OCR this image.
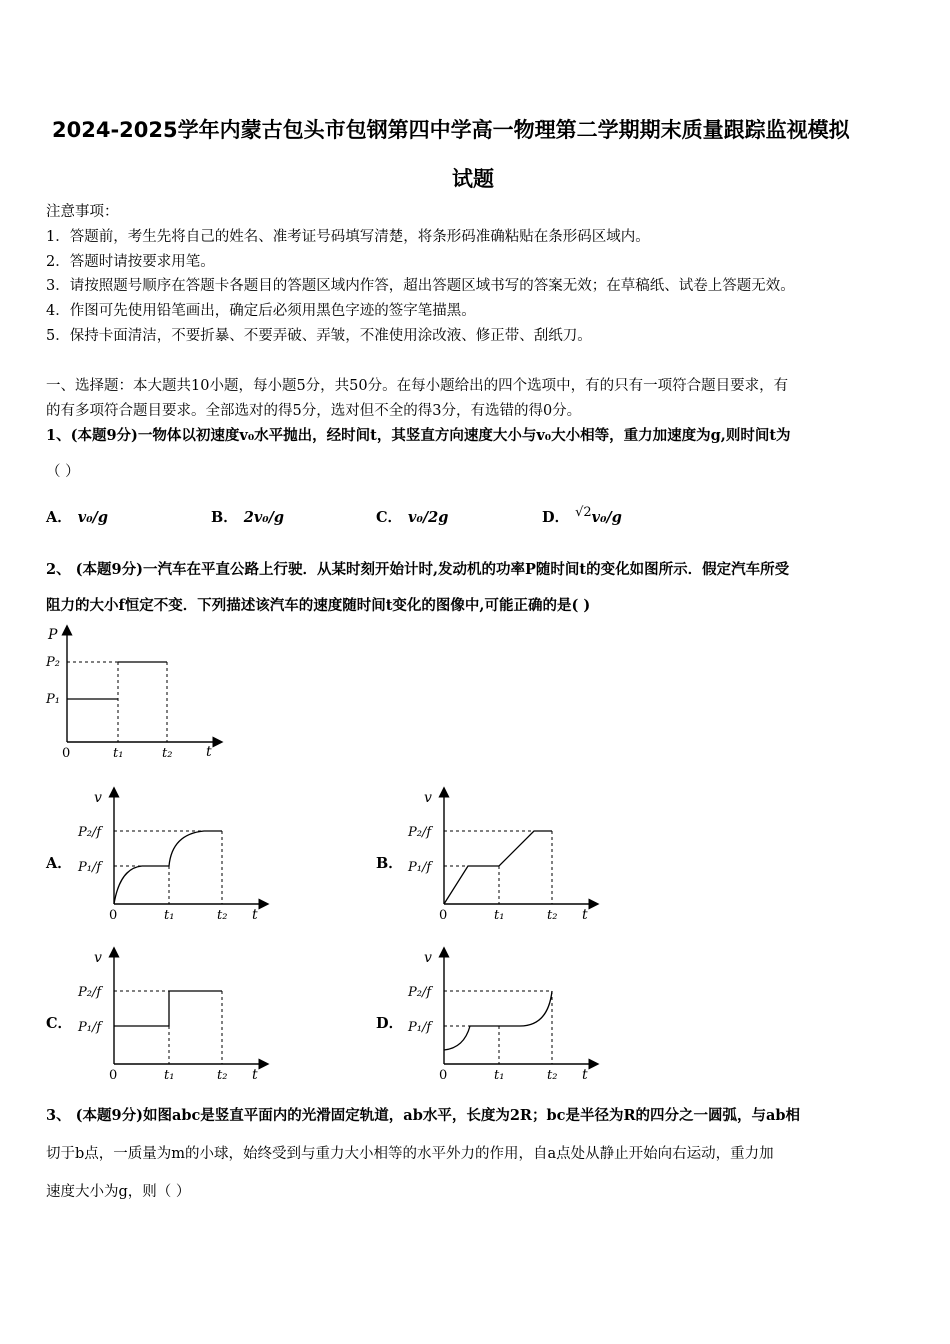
2024-2025学年内蒙古包头市包钢第四中学高一物理第二学期期末质量跟踪监视模拟
试题
注意事项：
1．答题前，考生先将自己的姓名、准考证号码填写清楚，将条形码准确粘贴在条形码区域内。
2．答题时请按要求用笔。
3．请按照题号顺序在答题卡各题目的答题区域内作答，超出答题区域书写的答案无效；在草稿纸、试卷上答题无效。
4．作图可先使用铅笔画出，确定后必须用黑色字迹的签字笔描黑。
5．保持卡面清洁，不要折暴、不要弄破、弄皱，不准使用涂改液、修正带、刮纸刀。
一、选择题：本大题共10小题，每小题5分，共50分。在每小题给出的四个选项中，有的只有一项符合题目要求，有
的有多项符合题目要求。全部选对的得5分，选对但不全的得3分，有选错的得0分。
1、(本题9分)一物体以初速度v₀水平抛出，经时间t，其竖直方向速度大小与v₀大小相等，重力加速度为g,则时间t为
（ ）
A． v₀/g	B． 2v₀/g	C． v₀/2g	D． √2v₀/g
2、 (本题9分)一汽车在平直公路上行驶．从某时刻开始计时,发动机的功率P随时间t的变化如图所示．假定汽车所受
阻力的大小f恒定不变．下列描述该汽车的速度随时间t变化的图像中,可能正确的是( )
P
P₂
P₁
0	t₁	t₂ t
A．
v
P₂/f
P₁/f
0	t₁	t₂ t
B．
v
P₂/f
P₁/f
0	t₁	t₂ t
C．
v
P₂/f
P₁/f
0	t₁	t₂ t
D．
v
P₂/f
P₁/f
0	t₁	t₂ t
3、 (本题9分)如图abc是竖直平面内的光滑固定轨道，ab水平，长度为2R；bc是半径为R的四分之一圆弧，与ab相
切于b点，一质量为m的小球，始终受到与重力大小相等的水平外力的作用，自a点处从静止开始向右运动，重力加
速度大小为g，则（ ）
